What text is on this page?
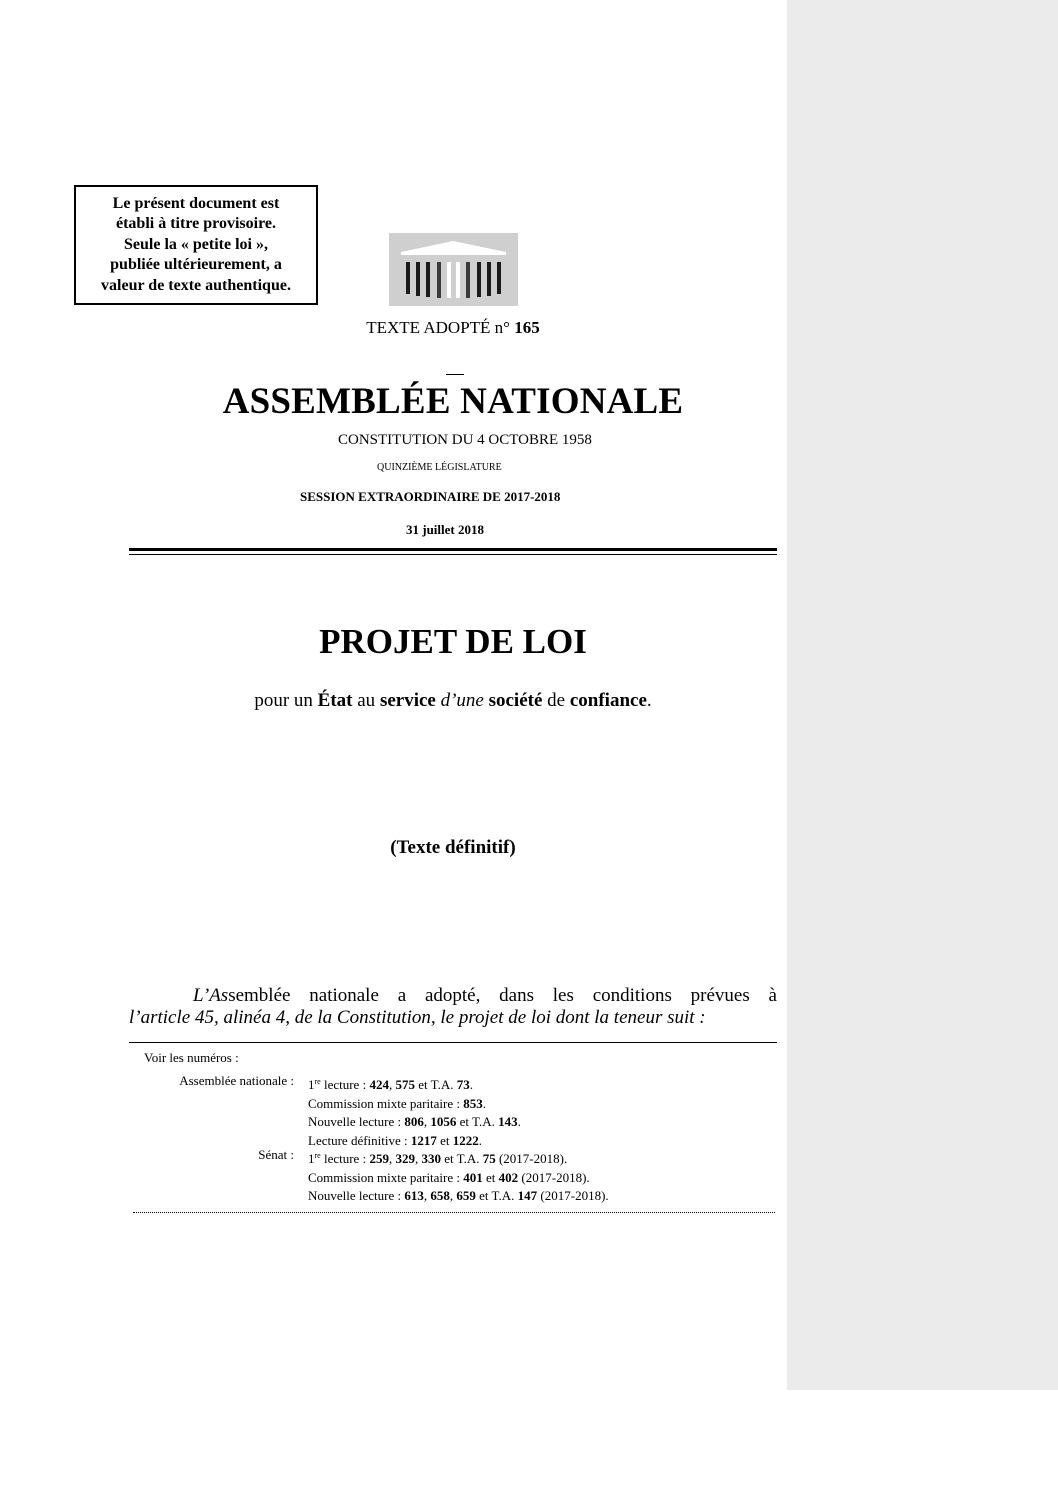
Le présent document est
établi à titre provisoire.
Seule la « petite loi »,
publiée ultérieurement, a
valeur de texte authentique.
TEXTE ADOPTÉ n° 165
ASSEMBLÉE NATIONALE
CONSTITUTION DU 4 OCTOBRE 1958
QUINZIÈME LÉGISLATURE
SESSION EXTRAORDINAIRE DE 2017-2018
31 juillet 2018
PROJET DE LOI
pour un État au service d’une société de confiance.
(Texte définitif)
L’Assemblée nationale a adopté, dans les conditions prévues à
l’article 45, alinéa 4, de la Constitution, le projet de loi dont la teneur suit :
Voir les numéros :
Assemblée nationale : 1re lecture : 424, 575 et T.A. 73.
Commission mixte paritaire : 853.
Nouvelle lecture : 806, 1056 et T.A. 143.
Lecture définitive : 1217 et 1222.
Sénat : 1re lecture : 259, 329, 330 et T.A. 75 (2017-2018).
Commission mixte paritaire : 401 et 402 (2017-2018).
Nouvelle lecture : 613, 658, 659 et T.A. 147 (2017-2018).
